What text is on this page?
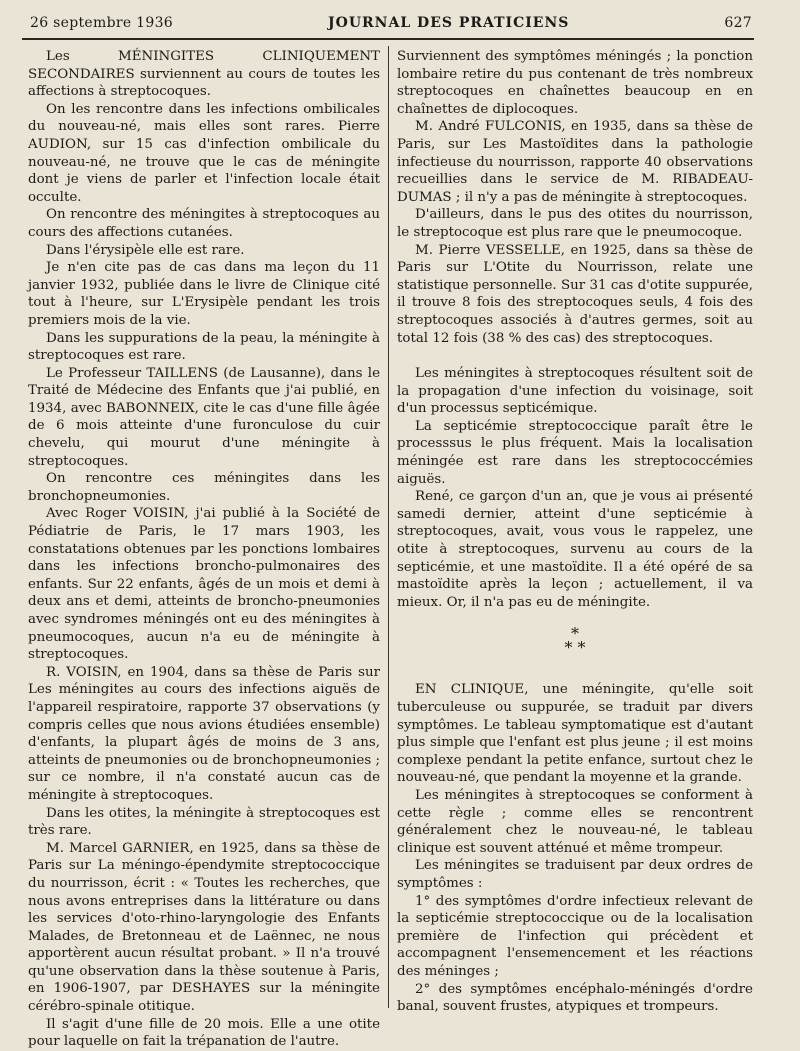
26 septembre 1936	JOURNAL DES PRATICIENS	627

Les MÉNINGITES CLINIQUEMENT SECONDAIRES surviennent au cours de toutes les affections à streptocoques.

On les rencontre dans les infections ombilicales du nouveau-né, mais elles sont rares. Pierre AUDION, sur 15 cas d'infection ombilicale du nouveau-né, ne trouve que le cas de méningite dont je viens de parler et l'infection locale était occulte.

On rencontre des méningites à streptocoques au cours des affections cutanées.

Dans l'érysipèle elle est rare.

Je n'en cite pas de cas dans ma leçon du 11 janvier 1932, publiée dans le livre de Clinique cité tout à l'heure, sur L'Erysipèle pendant les trois premiers mois de la vie.

Dans les suppurations de la peau, la méningite à streptocoques est rare.

Le Professeur TAILLENS (de Lausanne), dans le Traité de Médecine des Enfants que j'ai publié, en 1934, avec BABONNEIX, cite le cas d'une fille âgée de 6 mois atteinte d'une furonculose du cuir chevelu, qui mourut d'une méningite à streptocoques.

On rencontre ces méningites dans les bronchopneumonies.

Avec Roger VOISIN, j'ai publié à la Société de Pédiatrie de Paris, le 17 mars 1903, les constatations obtenues par les ponctions lombaires dans les infections broncho-pulmonaires des enfants. Sur 22 enfants, âgés de un mois et demi à deux ans et demi, atteints de broncho-pneumonies avec syndromes méningés ont eu des méningites à pneumocoques, aucun n'a eu de méningite à streptocoques.

R. VOISIN, en 1904, dans sa thèse de Paris sur Les méningites au cours des infections aiguës de l'appareil respiratoire, rapporte 37 observations (y compris celles que nous avions étudiées ensemble) d'enfants, la plupart âgés de moins de 3 ans, atteints de pneumonies ou de bronchopneumonies ; sur ce nombre, il n'a constaté aucun cas de méningite à streptocoques.

Dans les otites, la méningite à streptocoques est très rare.

M. Marcel GARNIER, en 1925, dans sa thèse de Paris sur La méningo-épendymite streptococcique du nourrisson, écrit : « Toutes les recherches, que nous avons entreprises dans la littérature ou dans les services d'oto-rhino-laryngologie des Enfants Malades, de Bretonneau et de Laënnec, ne nous apportèrent aucun résultat probant. » Il n'a trouvé qu'une observation dans la thèse soutenue à Paris, en 1906-1907, par DESHAYES sur la méningite cérébro-spinale otitique.

Il s'agit d'une fille de 20 mois. Elle a une otite pour laquelle on fait la trépanation de l'autre.

Surviennent des symptômes méningés ; la ponction lombaire retire du pus contenant de très nombreux streptocoques en chaînettes beaucoup en en chaînettes de diplocoques.

M. André FULCONIS, en 1935, dans sa thèse de Paris, sur Les Mastoïdites dans la pathologie infectieuse du nourrisson, rapporte 40 observations recueillies dans le service de M. RIBADEAU-DUMAS ; il n'y a pas de méningite à streptocoques.

D'ailleurs, dans le pus des otites du nourrisson, le streptocoque est plus rare que le pneumocoque.

M. Pierre VESSELLE, en 1925, dans sa thèse de Paris sur L'Otite du Nourrisson, relate une statistique personnelle. Sur 31 cas d'otite suppurée, il trouve 8 fois des streptocoques seuls, 4 fois des streptocoques associés à d'autres germes, soit au total 12 fois (38 % des cas) des streptocoques.

Les méningites à streptocoques résultent soit de la propagation d'une infection du voisinage, soit d'un processus septicémique.

La septicémie streptococcique paraît être le processsus le plus fréquent. Mais la localisation méningée est rare dans les streptococcémies aiguës.

René, ce garçon d'un an, que je vous ai présenté samedi dernier, atteint d'une septicémie à streptocoques, avait, vous vous le rappelez, une otite à streptocoques, survenu au cours de la septicémie, et une mastoïdite. Il a été opéré de sa mastoïdite après la leçon ; actuellement, il va mieux. Or, il n'a pas eu de méningite.

*
* *

EN CLINIQUE, une méningite, qu'elle soit tuberculeuse ou suppurée, se traduit par divers symptômes. Le tableau symptomatique est d'autant plus simple que l'enfant est plus jeune ; il est moins complexe pendant la petite enfance, surtout chez le nouveau-né, que pendant la moyenne et la grande.

Les méningites à streptocoques se conforment à cette règle ; comme elles se rencontrent généralement chez le nouveau-né, le tableau clinique est souvent atténué et même trompeur.

Les méningites se traduisent par deux ordres de symptômes :

1° des symptômes d'ordre infectieux relevant de la septicémie streptococcique ou de la localisation première de l'infection qui précèdent et accompagnent l'ensemencement et les réactions des méninges ;

2° des symptômes encéphalo-méningés d'ordre banal, souvent frustes, atypiques et trompeurs.
